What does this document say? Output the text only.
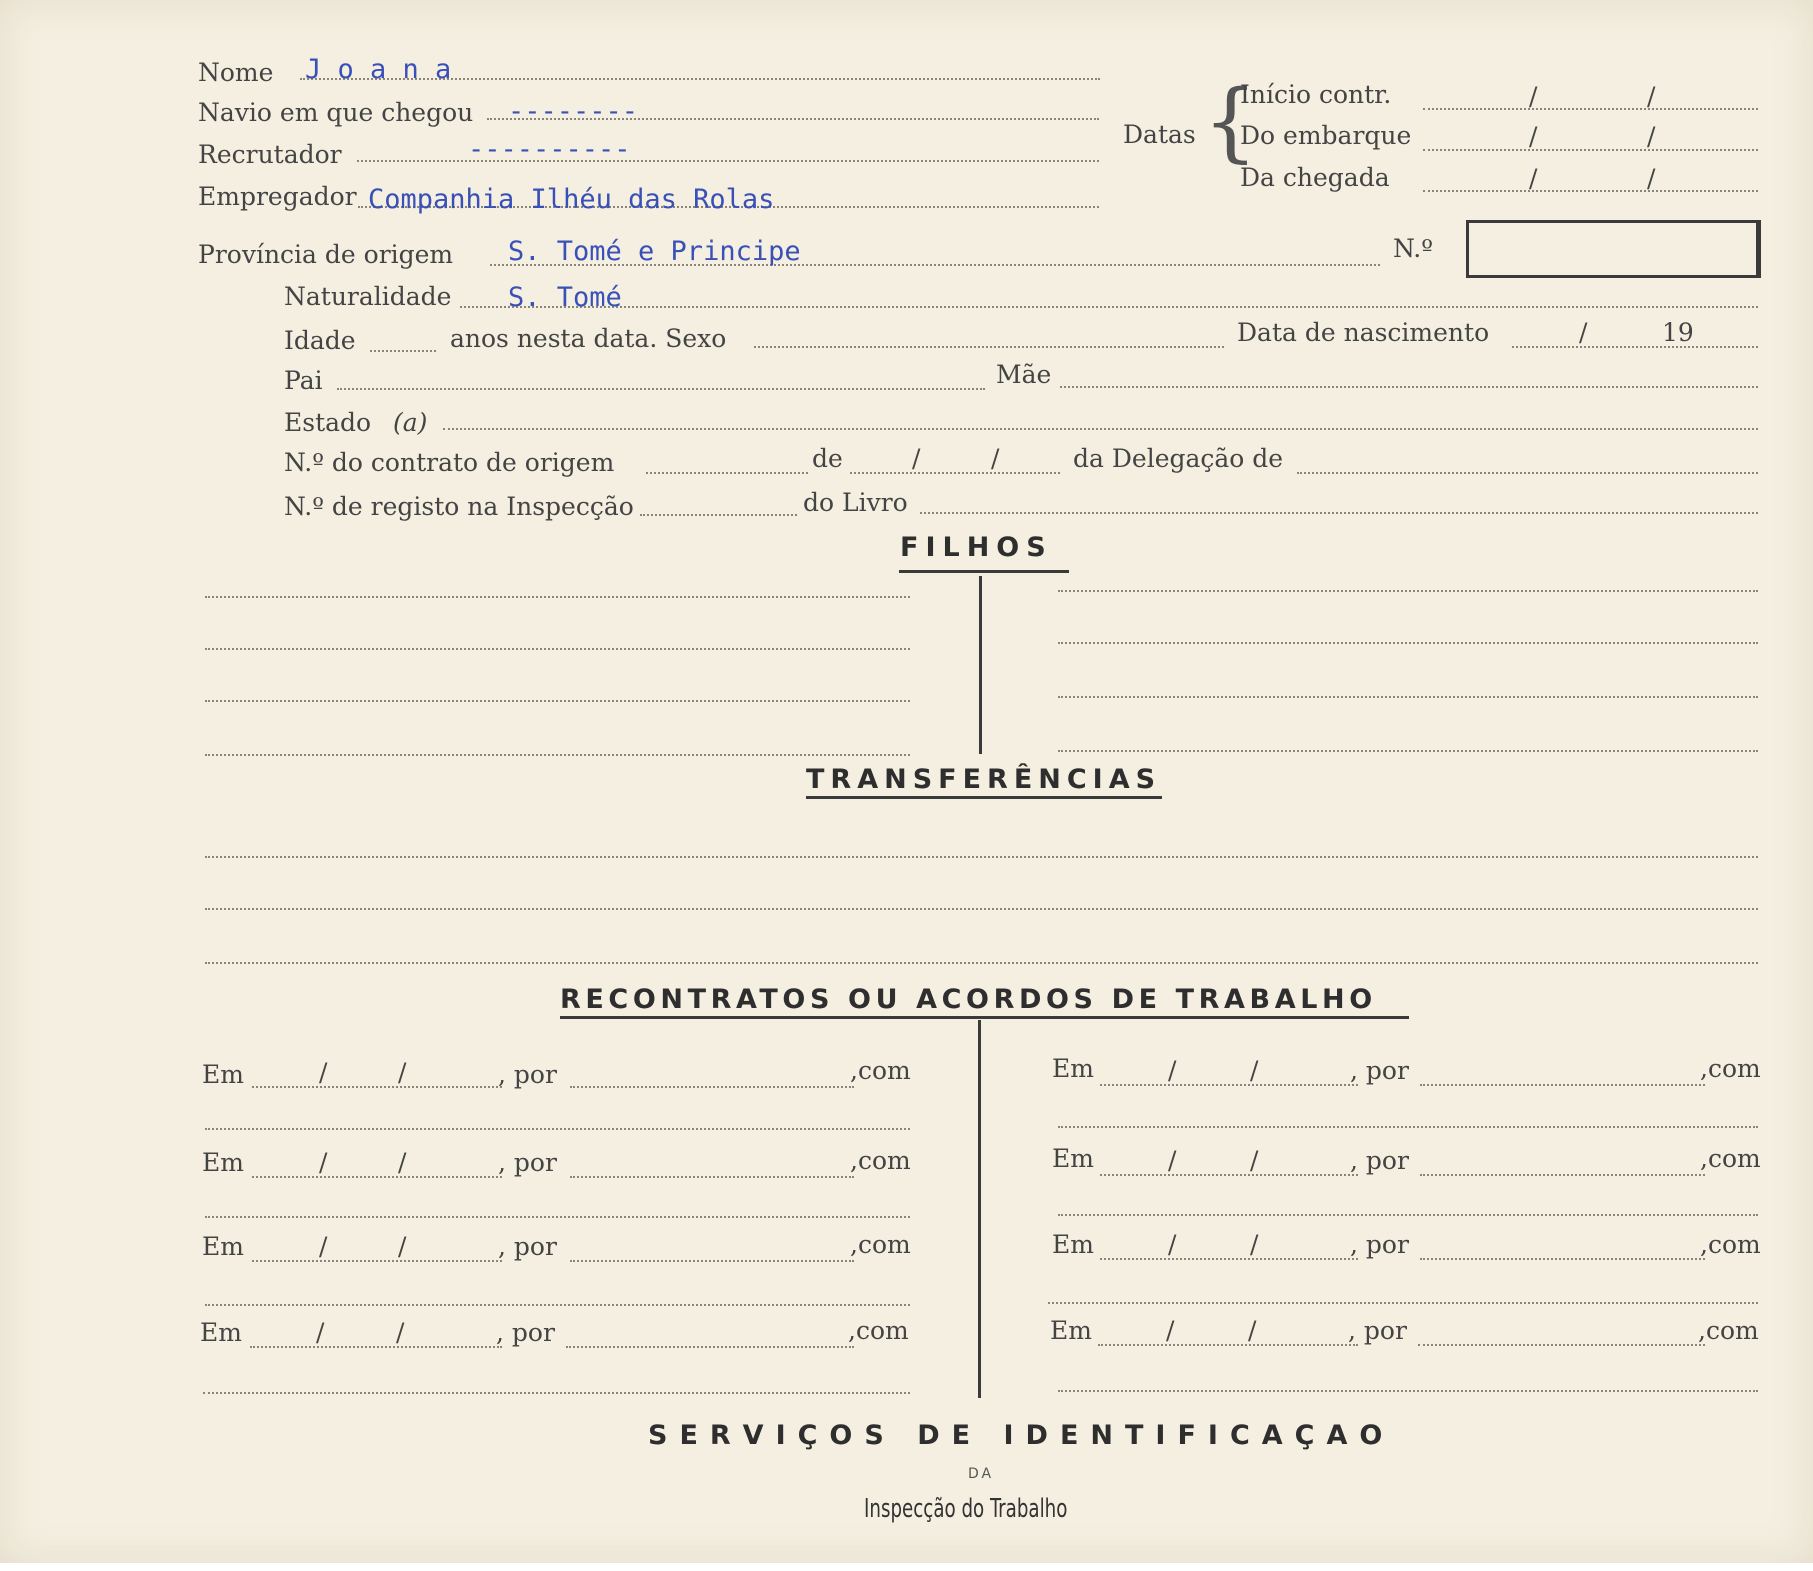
Nome J o a n a
Navio em que chegou --------
Recrutador	----------
Empregador Companhia Ilhéu das Rolas
Datas {
Início contr.	/	/
Do embarque	/	/
Da chegada	/	/
Província de origem S. Tomé e Principe	N.º
Naturalidade S. Tomé
Idade	anos nesta data. Sexo	Data de nascimento	/	19
Pai	Mãe
Estado (a)
N.º do contrato de origem	de	/	/	da Delegação de
N.º de registo na Inspecção	do Livro
FILHOS
TRANSFERÊNCIAS
RECONTRATOS OU ACORDOS DE TRABALHO
Em	/	/	, por	,com	Em	/	/	, por	,com
Em	/	/	, por	,com	Em	/	/	, por	,com
Em	/	/	, por	,com	Em	/	/	, por	,com
Em	/	/	, por	,com	Em	/	/	, por	,com
SERVIÇOS DE IDENTIFICAÇAO
DA
Inspecção do Trabalho
